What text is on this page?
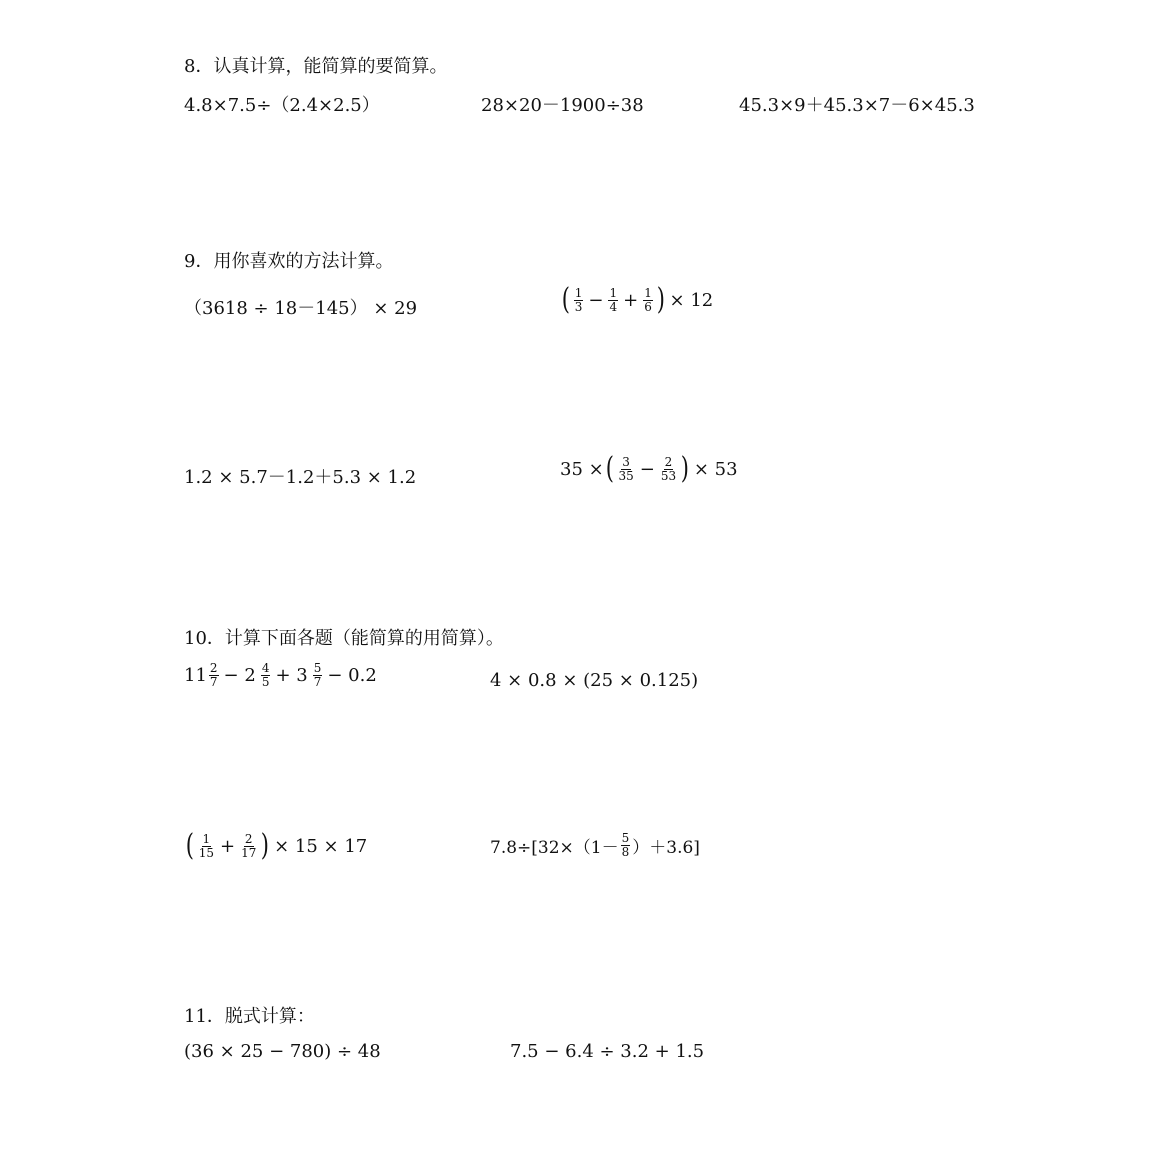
8．认真计算，能简算的要简算。
4.8×7.5÷（2.4×2.5）	28×20－1900÷38	45.3×9＋45.3×7－6×45.3
9．用你喜欢的方法计算。
（3618 ÷ 18－145） × 29	( $\frac{1}{3} - \frac{1}{4} + \frac{1}{6}$ ) × 12
1.2 × 5.7－1.2＋5.3 × 1.2	35 × ( $\frac{3}{35} - \frac{2}{53}$ ) × 53
10．计算下面各题（能简算的用简算）。
$11 \frac{2}{7} - 2 \frac{4}{5} + 3 \frac{5}{7} - 0.2$	4 × 0.8 × (25 × 0.125)
( $\frac{1}{15} + \frac{2}{17}$ ) × 15 × 17	$7.8\div[32\times(1- \frac{5}{8} )+3.6]$
11．脱式计算：
(36 × 25 − 780) ÷ 48	7.5 − 6.4 ÷ 3.2 + 1.5
